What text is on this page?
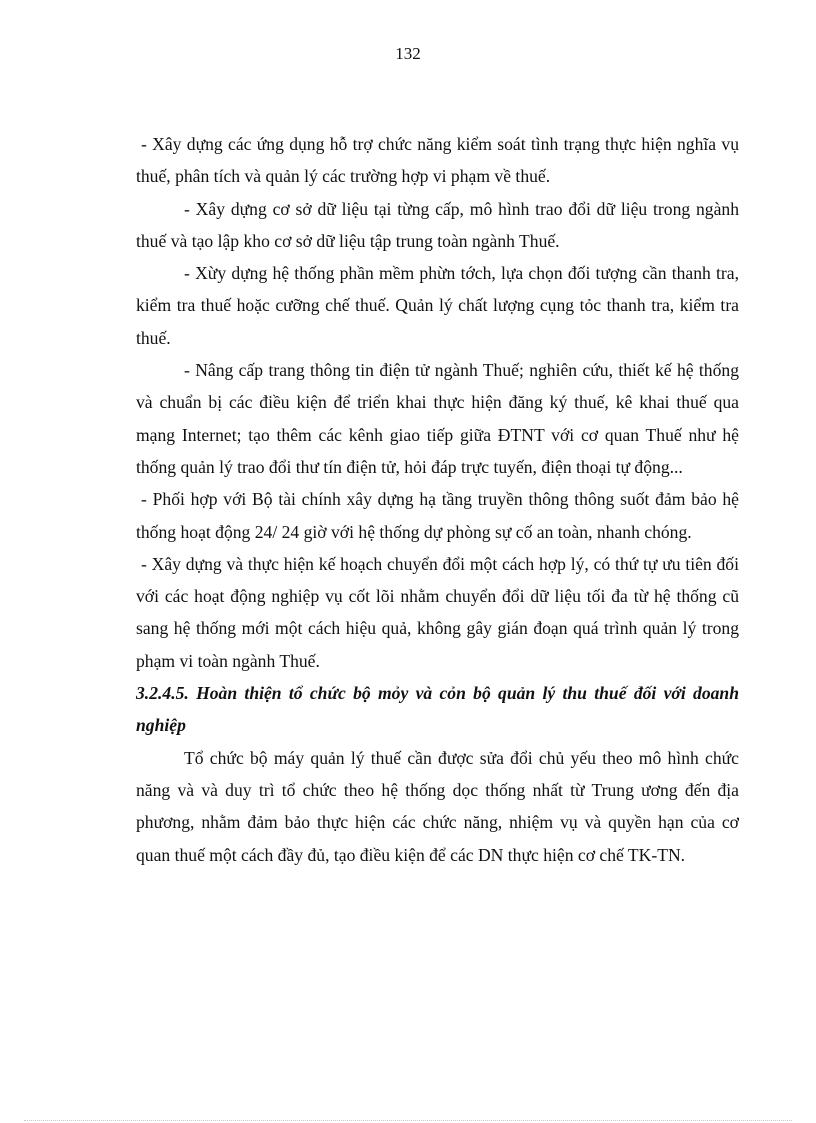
132

- Xây dựng các ứng dụng hỗ trợ chức năng kiểm soát tình trạng thực hiện nghĩa vụ thuế, phân tích và quản lý các trường hợp vi phạm về thuế.

- Xây dựng cơ sở dữ liệu tại từng cấp, mô hình trao đổi dữ liệu trong ngành thuế và tạo lập kho cơ sở dữ liệu tập trung toàn ngành Thuế.

- Xừy dựng hệ thống phần mềm phừn tớch, lựa chọn đối tượng cần thanh tra, kiểm tra thuế hoặc cưỡng chế thuế. Quản lý chất lượng cụng tỏc thanh tra, kiểm tra thuế.

- Nâng cấp trang thông tin điện tử ngành Thuế; nghiên cứu, thiết kế hệ thống và chuẩn bị các điều kiện để triển khai thực hiện đăng ký thuế, kê khai thuế qua mạng Internet; tạo thêm các kênh giao tiếp giữa ĐTNT với cơ quan Thuế như hệ thống quản lý trao đổi thư tín điện tử, hỏi đáp trực tuyến, điện thoại tự động...

- Phối hợp với Bộ tài chính xây dựng hạ tầng truyền thông thông suốt đảm bảo hệ thống hoạt động 24/ 24 giờ với hệ thống dự phòng sự cố an toàn, nhanh chóng.

- Xây dựng và thực hiện kế hoạch chuyển đổi một cách hợp lý, có thứ tự ưu tiên đối với các hoạt động nghiệp vụ cốt lõi nhằm chuyển đổi dữ liệu tối đa từ hệ thống cũ sang hệ thống mới một cách hiệu quả, không gây gián đoạn quá trình quản lý trong phạm vi toàn ngành Thuế.

3.2.4.5. Hoàn thiện tổ chức bộ mỏy và cỏn bộ quản lý thu thuế đối với doanh nghiệp

Tổ chức bộ máy quản lý thuế cần được sửa đổi chủ yếu theo mô hình chức năng và và duy trì tổ chức theo hệ thống dọc thống nhất từ Trung ương đến địa phương, nhằm đảm bảo thực hiện các chức năng, nhiệm vụ và quyền hạn của cơ quan thuế một cách đầy đủ, tạo điều kiện để các DN thực hiện cơ chế TK-TN.
